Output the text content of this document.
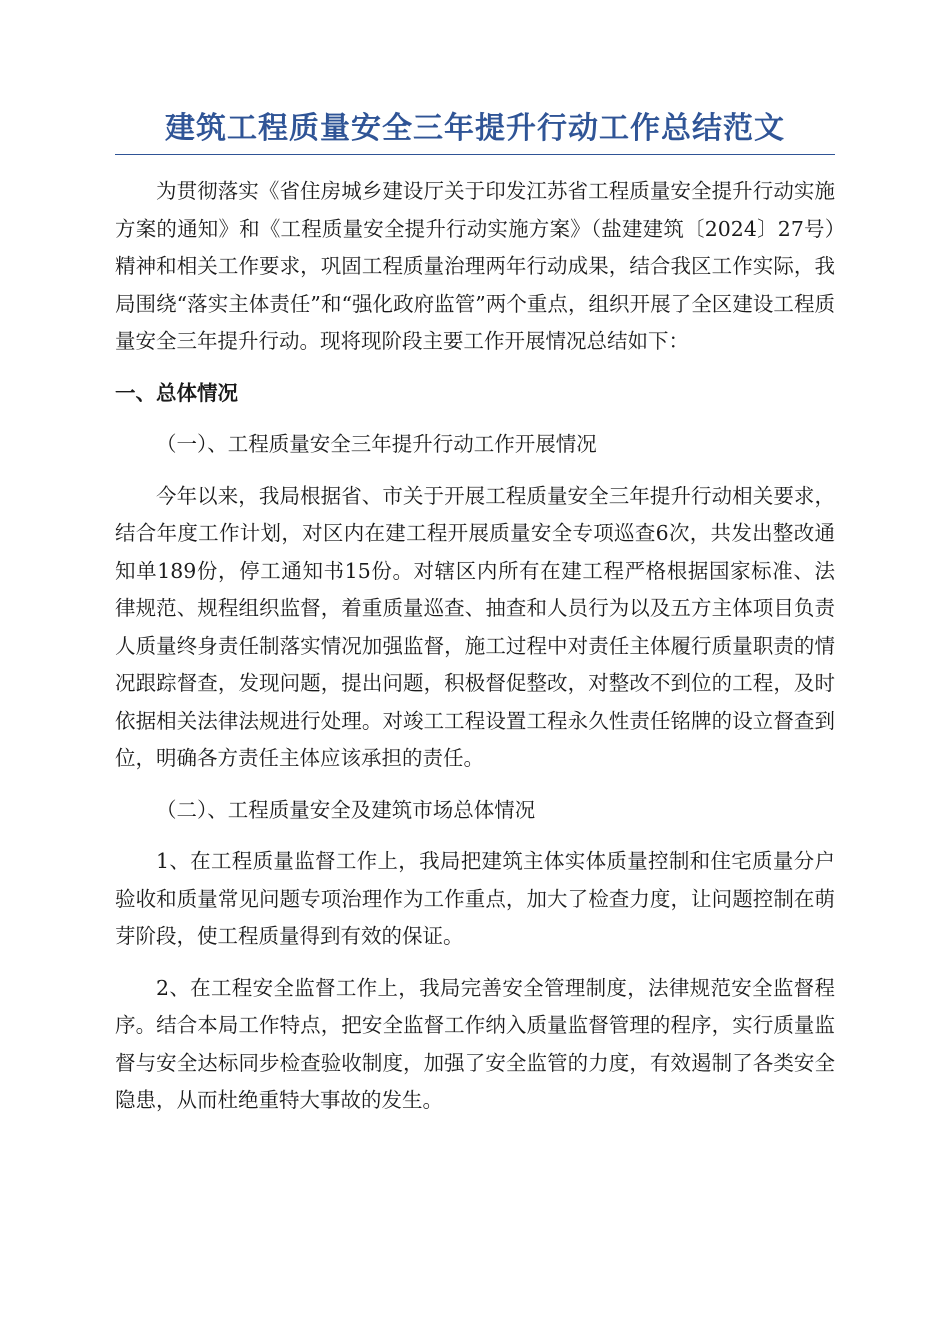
建筑工程质量安全三年提升行动工作总结范文

为贯彻落实《省住房城乡建设厅关于印发江苏省工程质量安全提升行动实施方案的通知》和《工程质量安全提升行动实施方案》（盐建建筑〔2024〕27号）精神和相关工作要求，巩固工程质量治理两年行动成果，结合我区工作实际，我局围绕“落实主体责任”和“强化政府监管”两个重点，组织开展了全区建设工程质量安全三年提升行动。现将现阶段主要工作开展情况总结如下：

一、总体情况

（一）、工程质量安全三年提升行动工作开展情况

今年以来，我局根据省、市关于开展工程质量安全三年提升行动相关要求，结合年度工作计划，对区内在建工程开展质量安全专项巡查6次，共发出整改通知单189份，停工通知书15份。对辖区内所有在建工程严格根据国家标准、法律规范、规程组织监督，着重质量巡查、抽查和人员行为以及五方主体项目负责人质量终身责任制落实情况加强监督，施工过程中对责任主体履行质量职责的情况跟踪督查，发现问题，提出问题，积极督促整改，对整改不到位的工程，及时依据相关法律法规进行处理。对竣工工程设置工程永久性责任铭牌的设立督查到位，明确各方责任主体应该承担的责任。

（二）、工程质量安全及建筑市场总体情况

1、在工程质量监督工作上，我局把建筑主体实体质量控制和住宅质量分户验收和质量常见问题专项治理作为工作重点，加大了检查力度，让问题控制在萌芽阶段，使工程质量得到有效的保证。

2、在工程安全监督工作上，我局完善安全管理制度，法律规范安全监督程序。结合本局工作特点，把安全监督工作纳入质量监督管理的程序，实行质量监督与安全达标同步检查验收制度，加强了安全监管的力度，有效遏制了各类安全隐患，从而杜绝重特大事故的发生。
